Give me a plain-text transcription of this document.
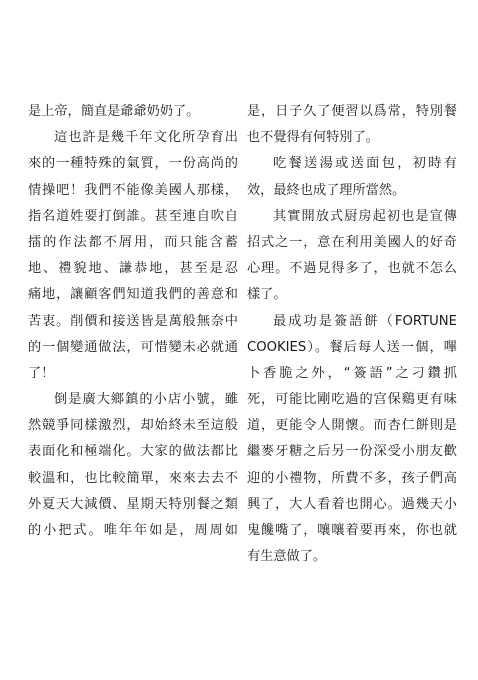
是上帝，簡直是爺爺奶奶了。
這也許是幾千年文化所孕育出
來的一種特殊的氣質，一份高尚的
情操吧！我們不能像美國人那樣，
指名道姓要打倒誰。甚至連自吹自
擂的作法都不屑用，而只能含蓄
地、禮貌地、謙恭地，甚至是忍
痛地，讓顧客們知道我們的善意和
苦衷。削價和接送皆是萬般無奈中
的一個變通做法，可惜變未必就通
了！
倒是廣大鄉鎮的小店小號，雖
然競爭同樣激烈，却始終未至這般
表面化和極端化。大家的做法都比
較溫和，也比較簡單，來來去去不
外夏天大減價、星期天特別餐之類
的小把式。唯年年如是，周周如
是，日子久了便習以爲常，特別餐
也不覺得有何特別了。
吃餐送湯或送面包，初時有
效，最終也成了理所當然。
其實開放式厨房起初也是宣傳
招式之一，意在利用美國人的好奇
心理。不過見得多了，也就不怎么
樣了。
最成功是簽語餅（FORTUNE
COOKIES）。餐后每人送一個，嗶
卜香脆之外，“簽語”之刁鑽抓
死，可能比剛吃過的宫保鷄更有味
道，更能令人開懷。而杏仁餅則是
繼麥牙糖之后另一份深受小朋友歡
迎的小禮物，所費不多，孩子們高
興了，大人看着也開心。過幾天小
鬼饞嘴了，嚷嚷着要再來，你也就
有生意做了。
